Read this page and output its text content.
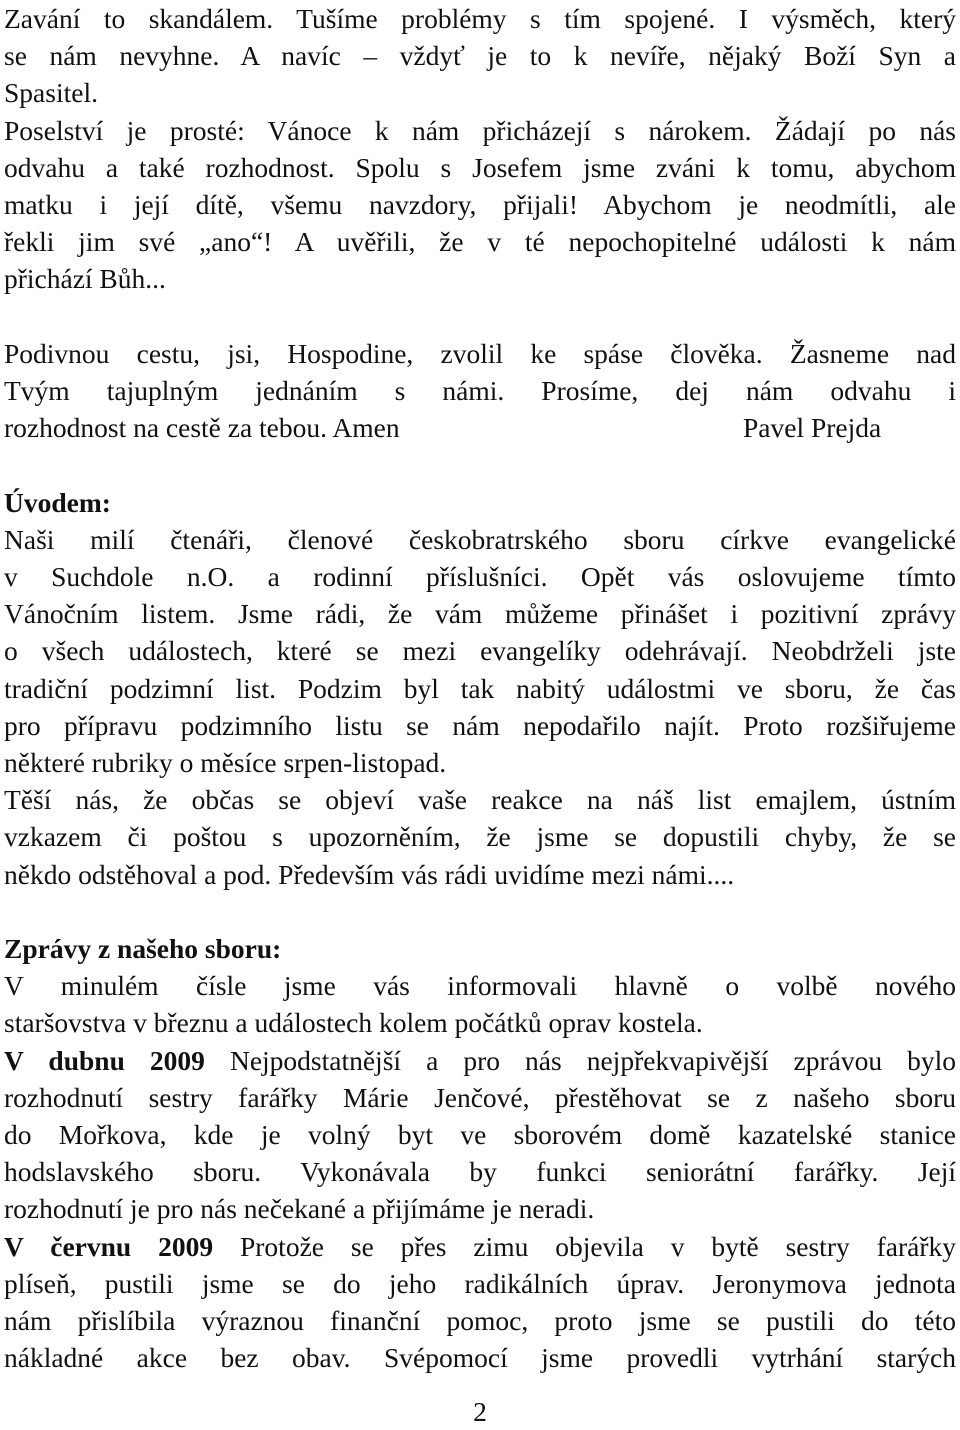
Zavání to skandálem. Tušíme problémy s tím spojené. I výsměch, který
se nám nevyhne. A navíc – vždyť je to k nevíře, nějaký Boží Syn a
Spasitel.
Poselství je prosté: Vánoce k nám přicházejí s nárokem. Žádají po nás
odvahu a také rozhodnost. Spolu s Josefem jsme zváni k tomu, abychom
matku i její dítě, všemu navzdory, přijali! Abychom je neodmítli, ale
řekli jim své „ano“! A uvěřili, že v té nepochopitelné události k nám
přichází Bůh...
Podivnou cestu, jsi, Hospodine, zvolil ke spáse člověka. Žasneme nad
Tvým tajuplným jednáním s námi. Prosíme, dej nám odvahu i
rozhodnost na cestě za tebou. Amen	Pavel Prejda
Úvodem:
Naši milí čtenáři, členové českobratrského sboru církve evangelické
v Suchdole n.O. a rodinní příslušníci. Opět vás oslovujeme tímto
Vánočním listem. Jsme rádi, že vám můžeme přinášet i pozitivní zprávy
o všech událostech, které se mezi evangelíky odehrávají. Neobdrželi jste
tradiční podzimní list. Podzim byl tak nabitý událostmi ve sboru, že čas
pro přípravu podzimního listu se nám nepodařilo najít. Proto rozšiřujeme
některé rubriky o měsíce srpen-listopad.
Těší nás, že občas se objeví vaše reakce na náš list emajlem, ústním
vzkazem či poštou s upozorněním, že jsme se dopustili chyby, že se
někdo odstěhoval a pod. Především vás rádi uvidíme mezi námi....
Zprávy z našeho sboru:
V minulém čísle jsme vás informovali hlavně o volbě nového
staršovstva v březnu a událostech kolem počátků oprav kostela.
V dubnu 2009 Nejpodstatnější a pro nás nejpřekvapivější zprávou bylo
rozhodnutí sestry farářky Márie Jenčové, přestěhovat se z našeho sboru
do Mořkova, kde je volný byt ve sborovém domě kazatelské stanice
hodslavského sboru. Vykonávala by funkci seniorátní farářky. Její
rozhodnutí je pro nás nečekané a přijímáme je neradi.
V červnu 2009 Protože se přes zimu objevila v bytě sestry farářky
plíseň, pustili jsme se do jeho radikálních úprav. Jeronymova jednota
nám přislíbila výraznou finanční pomoc, proto jsme se pustili do této
nákladné akce bez obav. Svépomocí jsme provedli vytrhání starých
2
